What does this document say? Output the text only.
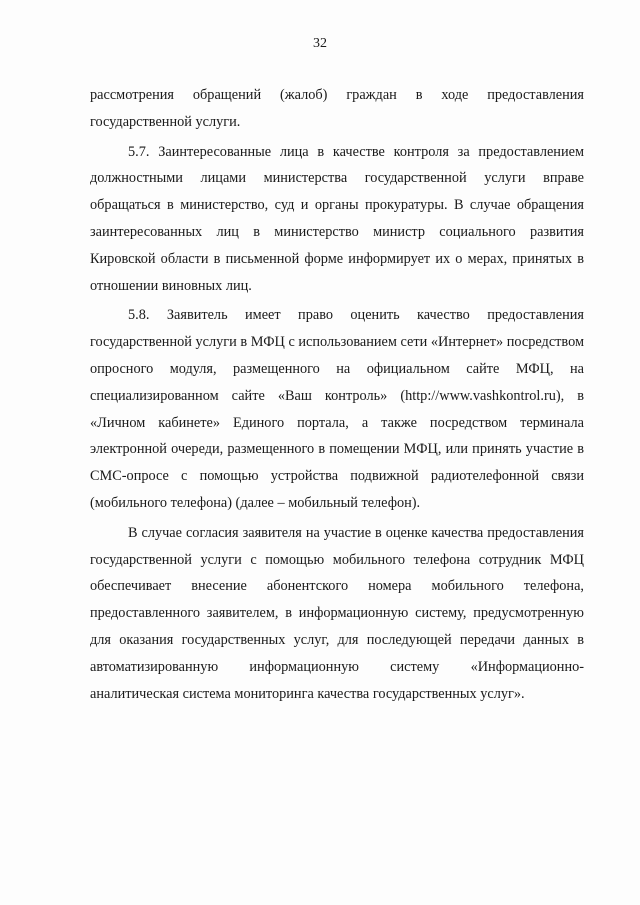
32

рассмотрения обращений (жалоб) граждан в ходе предоставления государственной услуги.

5.7. Заинтересованные лица в качестве контроля за предоставлением должностными лицами министерства государственной услуги вправе обращаться в министерство, суд и органы прокуратуры. В случае обращения заинтересованных лиц в министерство министр социального развития Кировской области в письменной форме информирует их о мерах, принятых в отношении виновных лиц.

5.8. Заявитель имеет право оценить качество предоставления государственной услуги в МФЦ с использованием сети «Интернет» посредством опросного модуля, размещенного на официальном сайте МФЦ, на специализированном сайте «Ваш контроль» (http://www.vashkontrol.ru), в «Личном кабинете» Единого портала, а также посредством терминала электронной очереди, размещенного в помещении МФЦ, или принять участие в СМС-опросе с помощью устройства подвижной радиотелефонной связи (мобильного телефона) (далее – мобильный телефон).

В случае согласия заявителя на участие в оценке качества предоставления государственной услуги с помощью мобильного телефона сотрудник МФЦ обеспечивает внесение абонентского номера мобильного телефона, предоставленного заявителем, в информационную систему, предусмотренную для оказания государственных услуг, для последующей передачи данных в автоматизированную информационную систему «Информационно-аналитическая система мониторинга качества государственных услуг».
